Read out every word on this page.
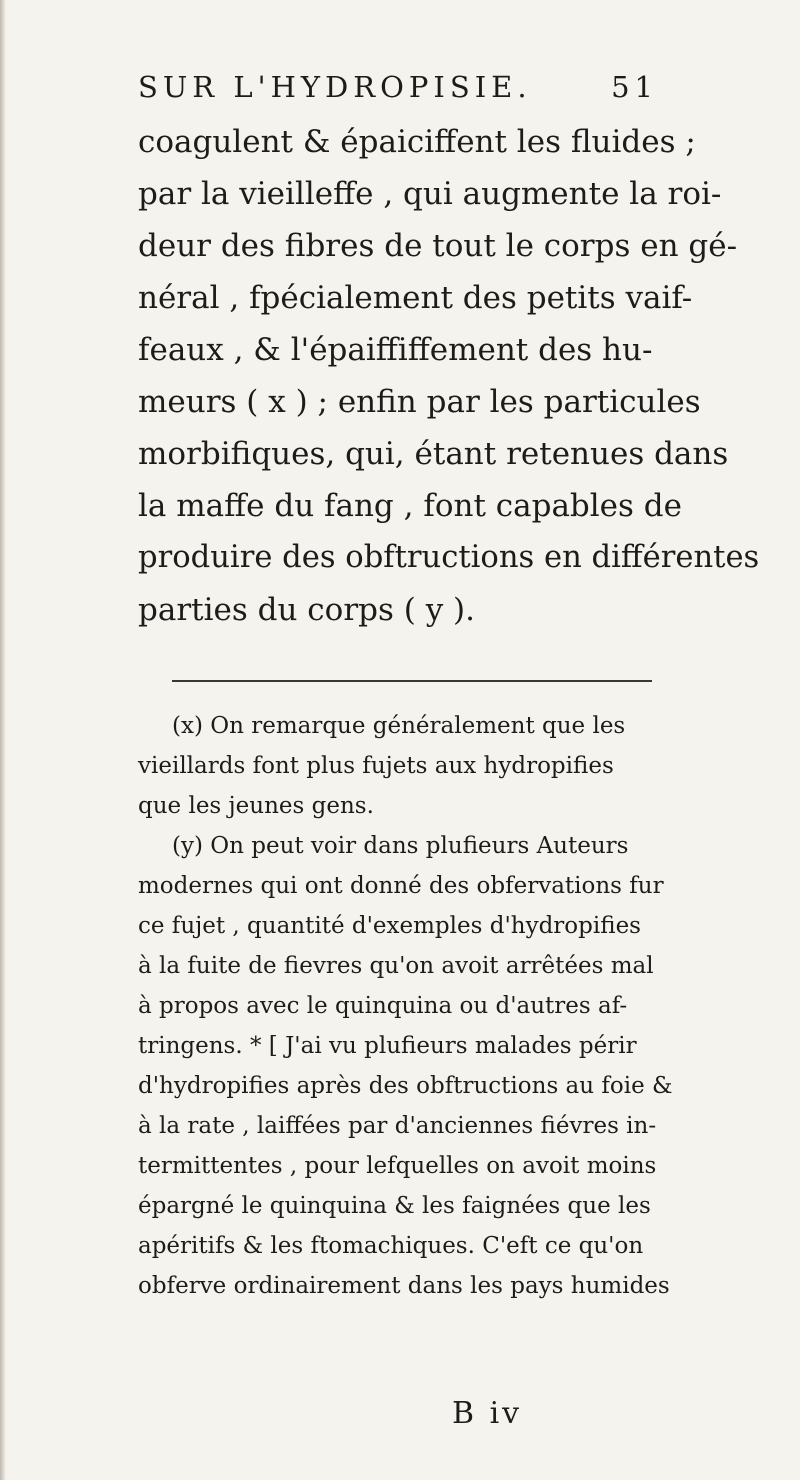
SUR L'HYDROPISIE.	51
coagulent & épaiciffent les fluides ;
par la vieilleffe , qui augmente la roi-
deur des fibres de tout le corps en gé-
néral , fpécialement des petits vaif-
feaux , & l'épaiffiffement des hu-
meurs ( x ) ; enfin par les particules
morbifiques, qui, étant retenues dans
la maffe du fang , font capables de
produire des obftructions en différentes
parties du corps ( y ).
(x) On remarque généralement que les
vieillards font plus fujets aux hydropifies
que les jeunes gens.
(y) On peut voir dans plufieurs Auteurs
modernes qui ont donné des obfervations fur
ce fujet , quantité d'exemples d'hydropifies
à la fuite de fievres qu'on avoit arrêtées mal
à propos avec le quinquina ou d'autres af-
tringens. * [ J'ai vu plufieurs malades périr
d'hydropifies après des obftructions au foie &
à la rate , laiffées par d'anciennes fiévres in-
termittentes , pour lefquelles on avoit moins
épargné le quinquina & les faignées que les
apéritifs & les ftomachiques. C'eft ce qu'on
obferve ordinairement dans les pays humides
B iv
